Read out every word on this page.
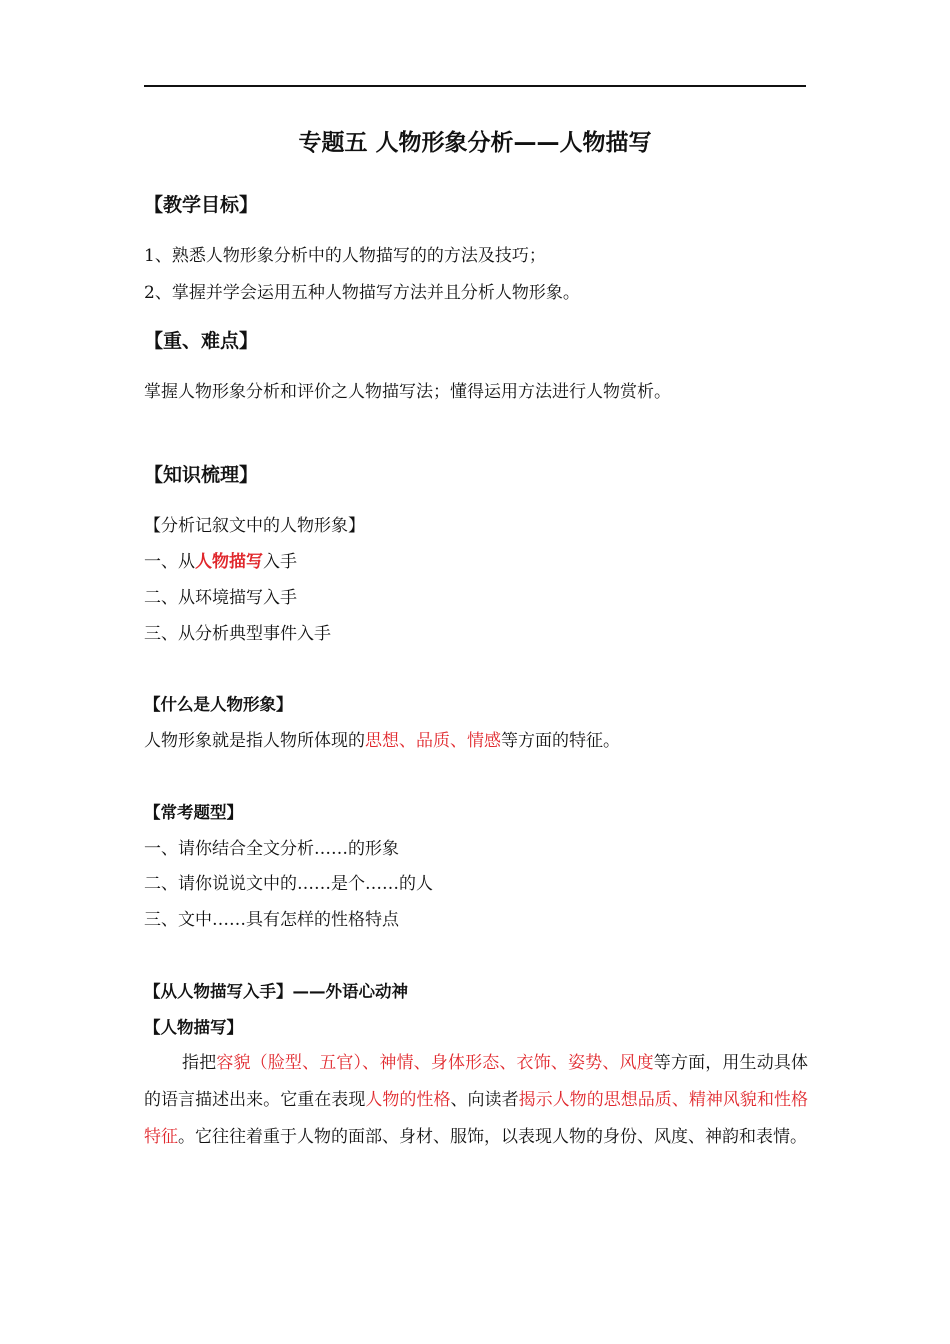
专题五 人物形象分析——人物描写
【教学目标】
1、熟悉人物形象分析中的人物描写的的方法及技巧；
2、掌握并学会运用五种人物描写方法并且分析人物形象。
【重、难点】
掌握人物形象分析和评价之人物描写法；懂得运用方法进行人物赏析。
【知识梳理】
【分析记叙文中的人物形象】
一、从人物描写入手
二、从环境描写入手
三、从分析典型事件入手
【什么是人物形象】
人物形象就是指人物所体现的思想、品质、情感等方面的特征。
【常考题型】
一、请你结合全文分析……的形象
二、请你说说文中的……是个……的人
三、文中……具有怎样的性格特点
【从人物描写入手】——外语心动神
【人物描写】
指把容貌（脸型、五官）、神情、身体形态、衣饰、姿势、风度等方面，用生动具体的语言描述出来。它重在表现人物的性格、向读者揭示人物的思想品质、精神风貌和性格特征。它往往着重于人物的面部、身材、服饰，以表现人物的身份、风度、神韵和表情。
